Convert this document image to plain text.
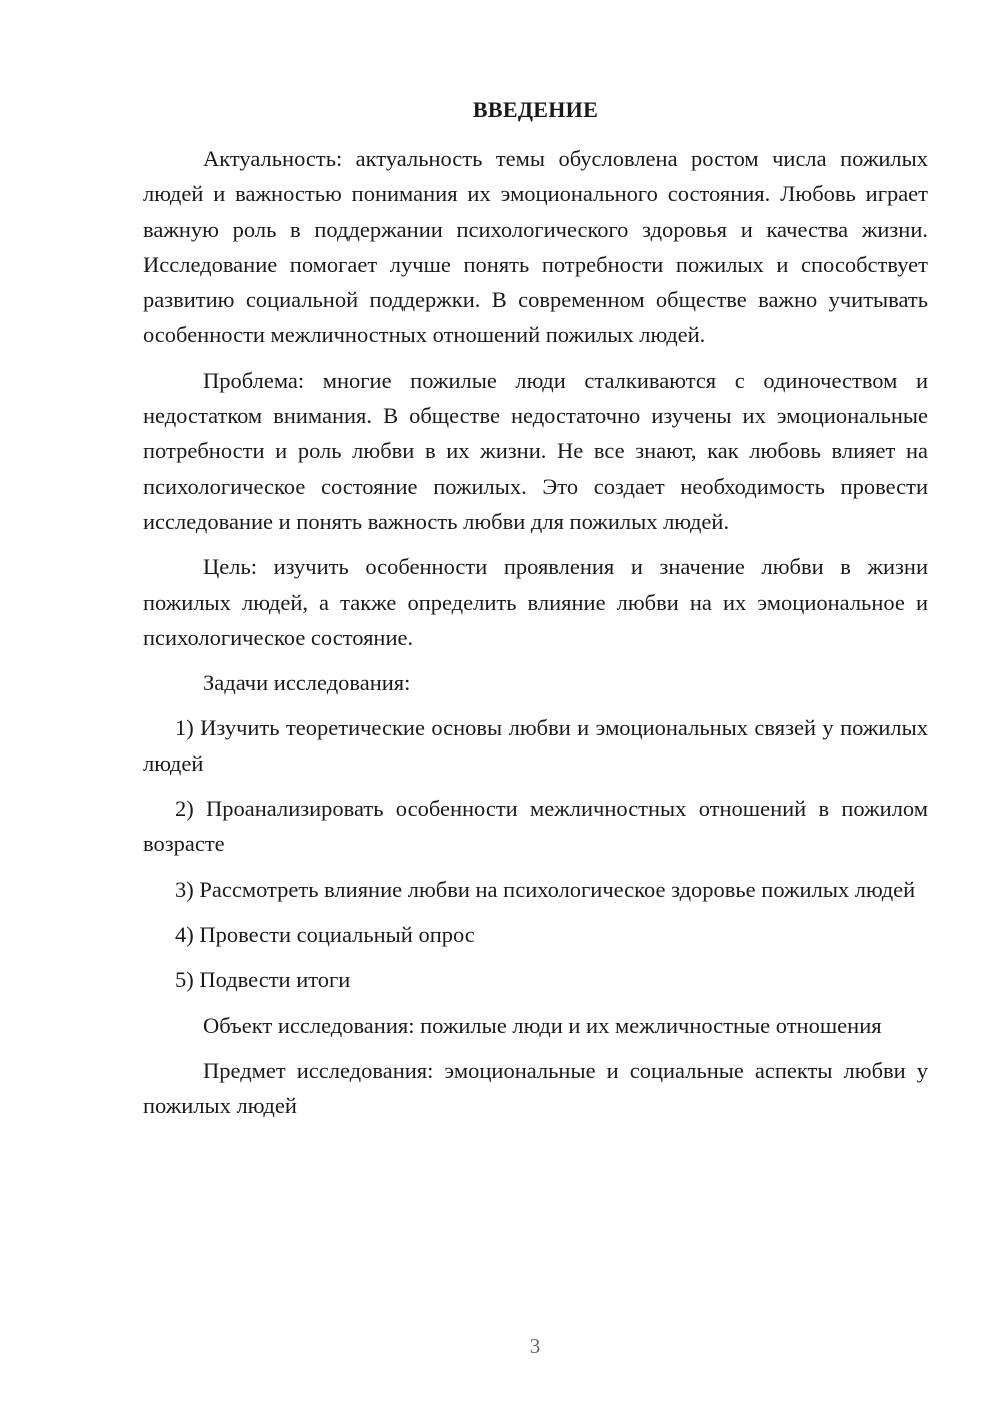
ВВЕДЕНИЕ

Актуальность: актуальность темы обусловлена ростом числа пожилых людей и важностью понимания их эмоционального состояния. Любовь играет важную роль в поддержании психологического здоровья и качества жизни. Исследование помогает лучше понять потребности пожилых и способствует развитию социальной поддержки. В современном обществе важно учитывать особенности межличностных отношений пожилых людей.

Проблема: многие пожилые люди сталкиваются с одиночеством и недостатком внимания. В обществе недостаточно изучены их эмоциональные потребности и роль любви в их жизни. Не все знают, как любовь влияет на психологическое состояние пожилых. Это создает необходимость провести исследование и понять важность любви для пожилых людей.

Цель: изучить особенности проявления и значение любви в жизни пожилых людей, а также определить влияние любви на их эмоциональное и психологическое состояние.

Задачи исследования:

1) Изучить теоретические основы любви и эмоциональных связей у пожилых людей

2) Проанализировать особенности межличностных отношений в пожилом возрасте

3) Рассмотреть влияние любви на психологическое здоровье пожилых людей

4) Провести социальный опрос

5) Подвести итоги

Объект исследования: пожилые люди и их межличностные отношения

Предмет исследования: эмоциональные и социальные аспекты любви у пожилых людей

3
